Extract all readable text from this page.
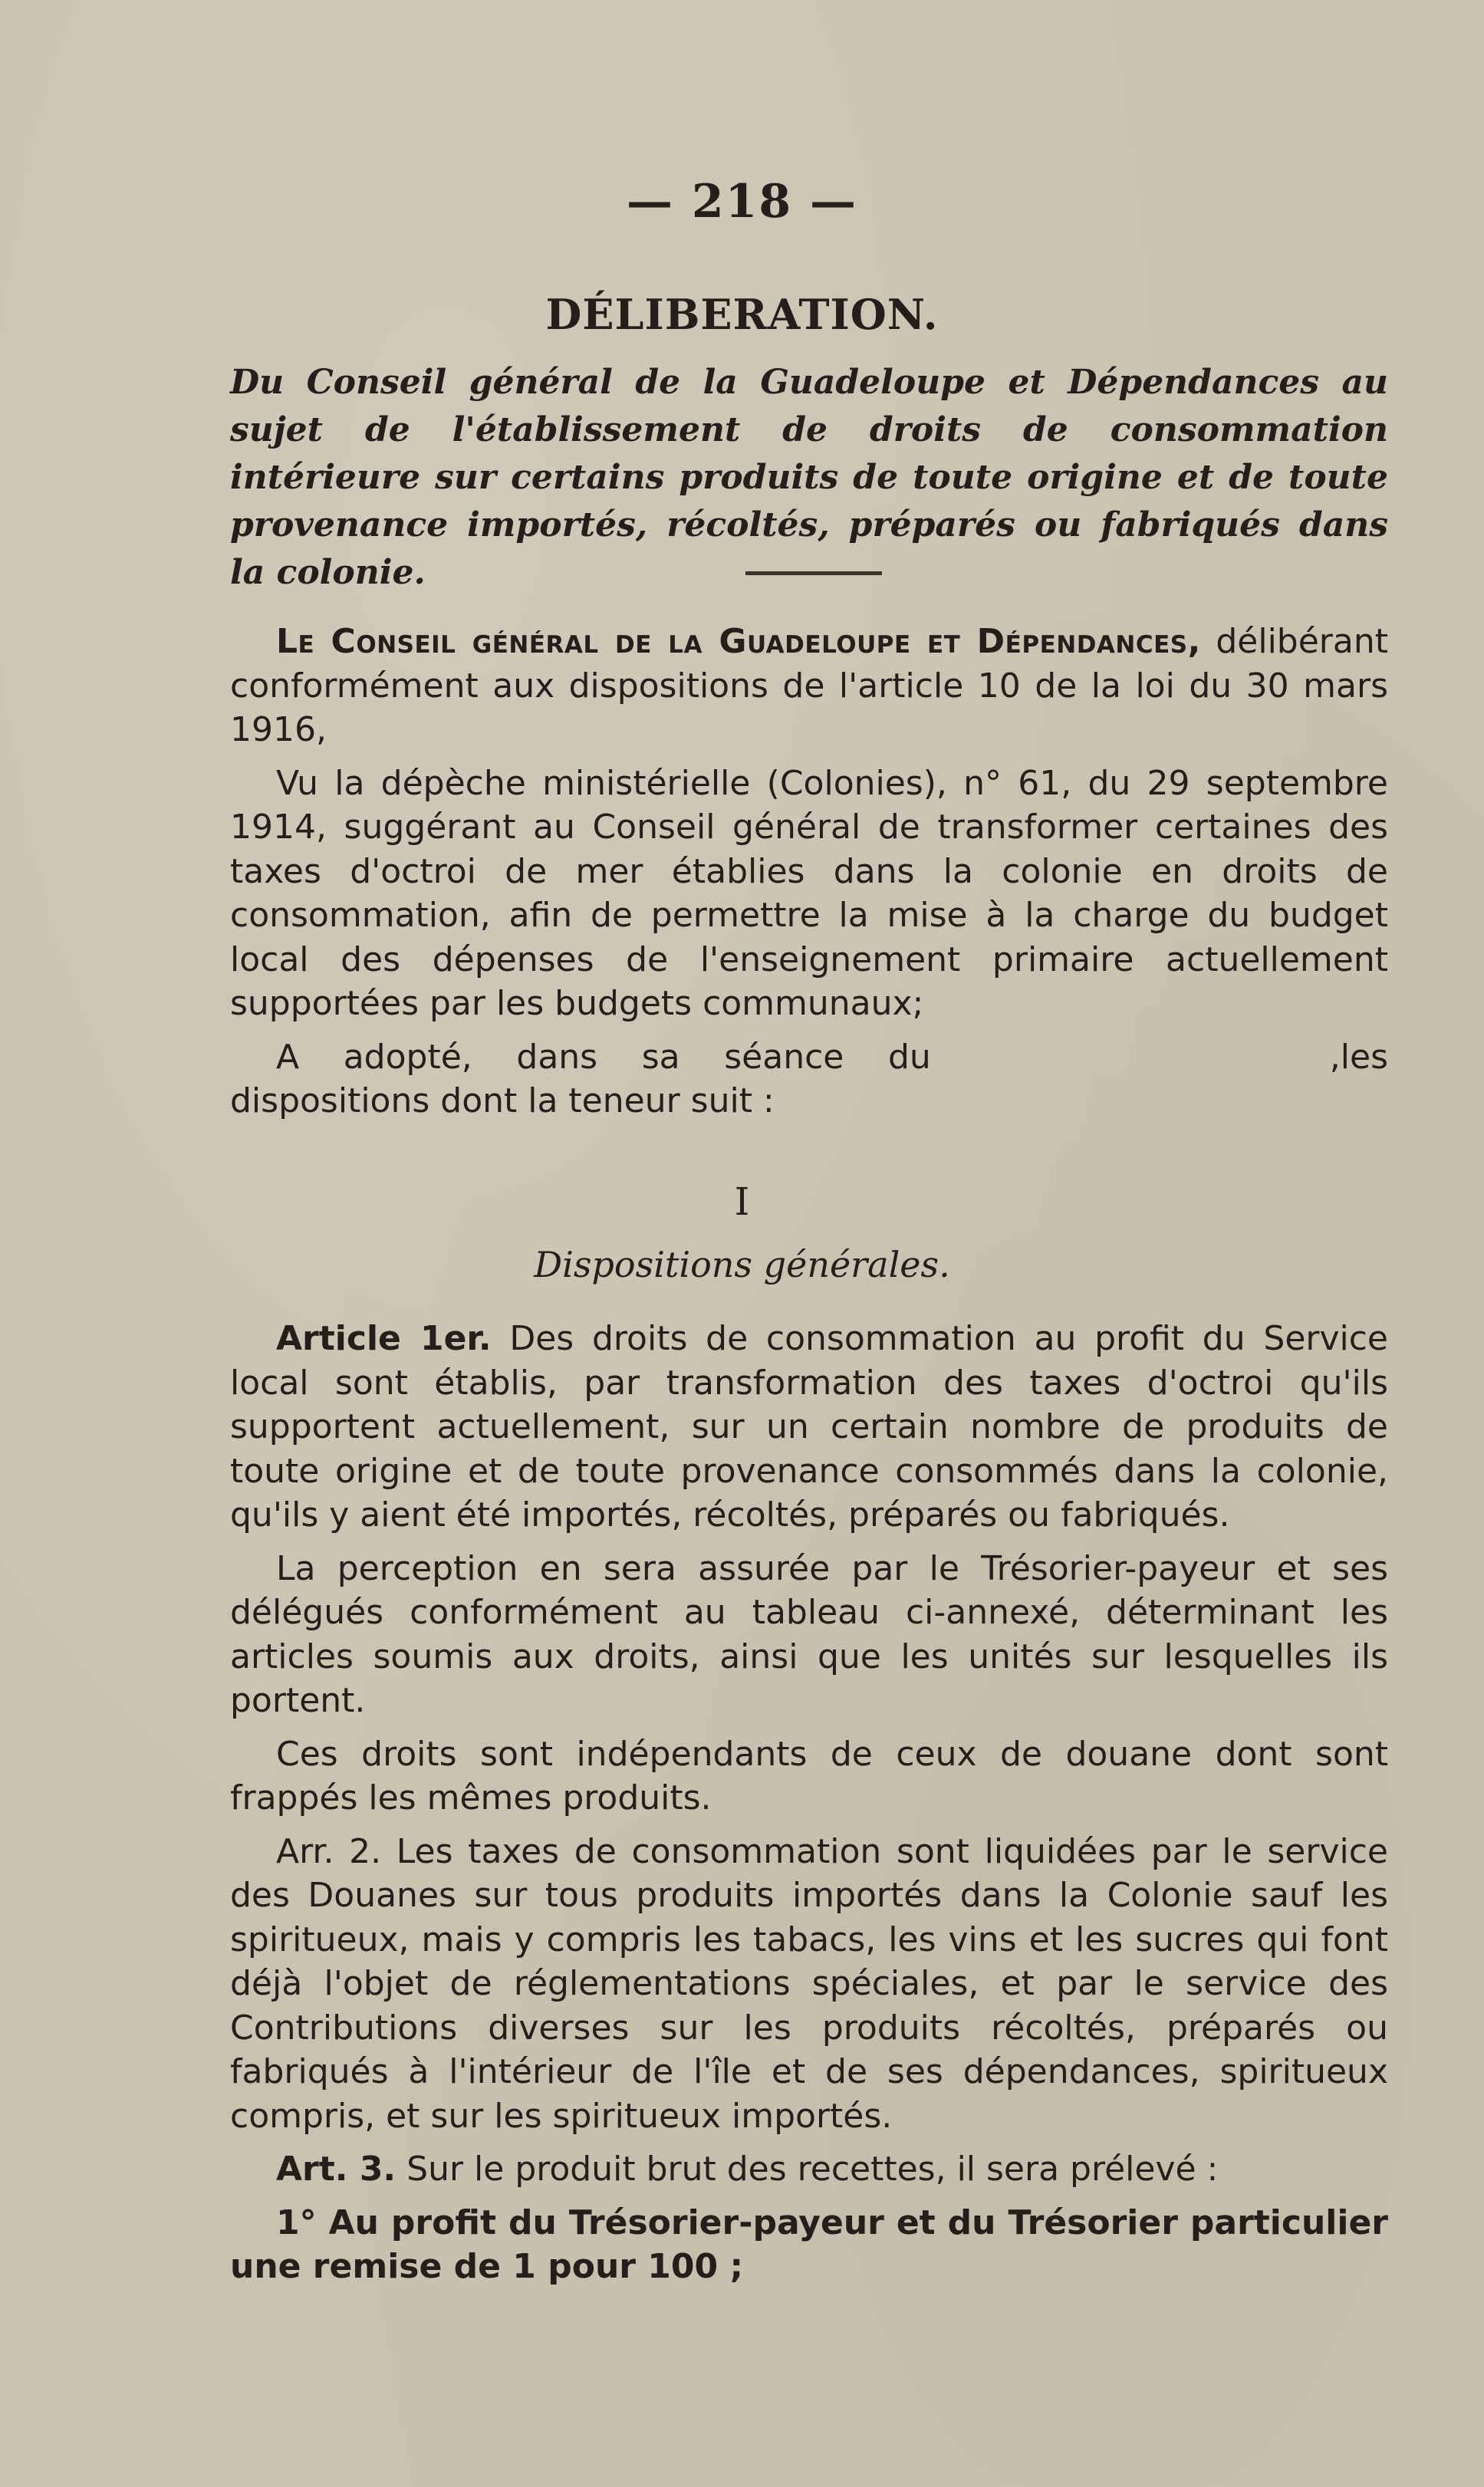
— 218 —
DÉLIBERATION.
Du Conseil général de la Guadeloupe et Dépendances au sujet de l'établissement de droits de consommation intérieure sur certains produits de toute origine et de toute provenance importés, récoltés, préparés ou fabriqués dans la colonie.

Le Conseil général de la Guadeloupe et Dépendances, délibérant conformément aux dispositions de l'article 10 de la loi du 30 mars 1916,

Vu la dépèche ministérielle (Colonies), n° 61, du 29 septembre 1914, suggérant au Conseil général de transformer certaines des taxes d'octroi de mer établies dans la colonie en droits de consommation, afin de permettre la mise à la charge du budget local des dépenses de l'enseignement primaire actuellement supportées par les budgets communaux;

A adopté, dans sa séance du	,les dispositions dont la teneur suit :

I
Dispositions générales.

Article 1er. Des droits de consommation au profit du Service local sont établis, par transformation des taxes d'octroi qu'ils supportent actuellement, sur un certain nombre de produits de toute origine et de toute provenance consommés dans la colonie, qu'ils y aient été importés, récoltés, préparés ou fabriqués.

La perception en sera assurée par le Trésorier-payeur et ses délégués conformément au tableau ci-annexé, déterminant les articles soumis aux droits, ainsi que les unités sur lesquelles ils portent.

Ces droits sont indépendants de ceux de douane dont sont frappés les mêmes produits.

Arr. 2. Les taxes de consommation sont liquidées par le service des Douanes sur tous produits importés dans la Colonie sauf les spiritueux, mais y compris les tabacs, les vins et les sucres qui font déjà l'objet de réglementations spéciales, et par le service des Contributions diverses sur les produits récoltés, préparés ou fabriqués à l'intérieur de l'île et de ses dépendances, spiritueux compris, et sur les spiritueux importés.

Art. 3. Sur le produit brut des recettes, il sera prélevé :

1° Au profit du Trésorier-payeur et du Trésorier particulier une remise de 1 pour 100 ;
